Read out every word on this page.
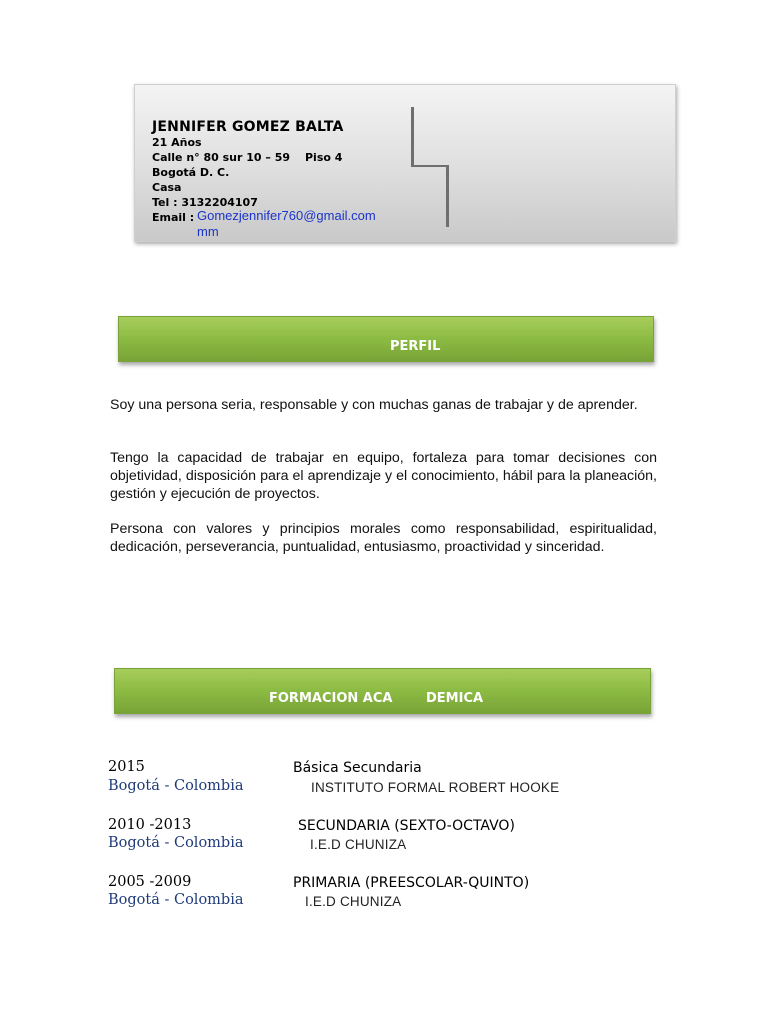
JENNIFER GOMEZ BALTA
21 Años
Calle n° 80 sur 10 – 59 Piso 4
Bogotá D. C.
Casa
Tel : 3132204107
Email : Gomezjennifer760@gmail.com
mm
PERFIL
Soy una persona seria, responsable y con muchas ganas de trabajar y de aprender.
Tengo la capacidad de trabajar en equipo, fortaleza para tomar decisiones con objetividad, disposición para el aprendizaje y el conocimiento, hábil para la planeación, gestión y ejecución de proyectos.
Persona con valores y principios morales como responsabilidad, espiritualidad, dedicación, perseverancia, puntualidad, entusiasmo, proactividad y sinceridad.
FORMACION ACA	DEMICA
2015	Básica Secundaria
Bogotá - Colombia	INSTITUTO FORMAL ROBERT HOOKE
2010 -2013	SECUNDARIA (SEXTO-OCTAVO)
Bogotá - Colombia	I.E.D CHUNIZA
2005 -2009	PRIMARIA (PREESCOLAR-QUINTO)
Bogotá - Colombia	I.E.D CHUNIZA
